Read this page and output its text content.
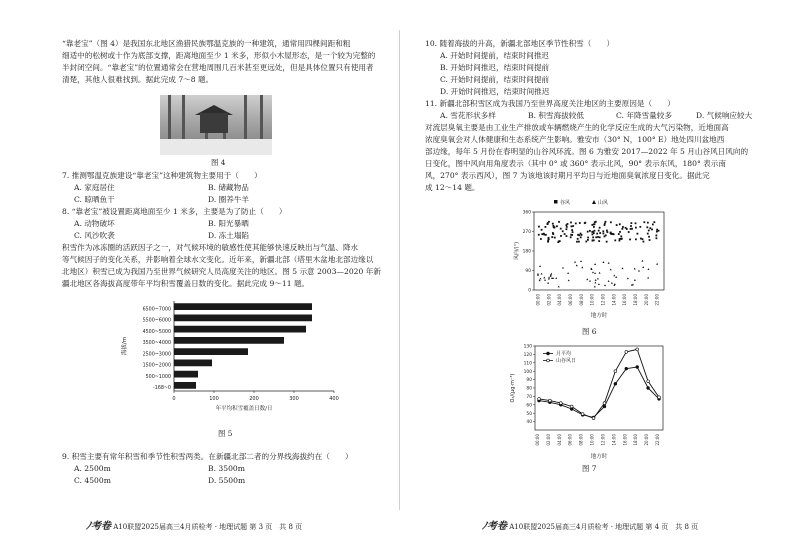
“靠老宝”（图 4）是我国东北地区渔猎民族鄂温克族的一种建筑，通常用四棵间距和粗
细适中的松树或十作为底部支撑，距离地面至少 1 米多，形似小木屋形态，是一个较为完整的
半封闭空间。“靠老宝”的位置通常会在营地周围几百米甚至更远处，但是具体位置只有使用者
清楚，其他人很难找到。据此完成 7～8 题。
图 4
7. 推测鄂温克族建设“靠老宝”这种建筑物主要用于（　　）
A. 家庭居住	B. 储藏物品
C. 晾晒鱼干	D. 圈养牛羊
8. “靠老宝”被设置距离地面至少 1 米多，主要是为了防止（　　）
A. 动物破坏	B. 阳光暴晒
C. 风沙吹袭	D. 冻土塌陷
积雪作为冰冻圈的活跃因子之一，对气候环境的敏感性使其能够快速反映出与气温、降水
等气候因子的变化关系，并影响着全球水文变化。近年来，新疆北部（塔里木盆地北部边缘以
北地区）积雪已成为我国乃至世界气候研究人员高度关注的地区。图 5 示意 2003—2020 年新
疆北地区各海拔高度带年平均积雪覆盖日数的变化。据此完成 9～11 题。
6500~7000
5500~6000
4500~5000
3500~4000
2500~3000
1500~2000
500~1000
-168~0
0	100	200	300	400
海拔/m
年平均积雪覆盖日数/日
图 5
9. 积雪主要有常年积雪和季节性积雪两类。在新疆北部二者的分界线海拔约在（　　）
A. 2500m	B. 3500m
C. 4500m	D. 5500m
ﾉ考卷 A10联盟2025届高三4月质检考 · 地理试题 第 3 页　共 8 页
10. 随着海拔的升高，新疆北部地区季节性积雪（　　）
A. 开始时间提前，结束时间推迟
B. 开始时间推迟，结束时间提前
C. 开始时间提前，结束时间提前
D. 开始时间推迟，结束时间推迟
11. 新疆北部积雪区成为我国乃至世界高度关注地区的主要原因是（　　）
A. 雪花形状多样	B. 积雪海拔较低	C. 年降雪量较多	D. 气候响应较大
对流层臭氧主要是由工业生产排放或车辆燃烧产生的化学反应生成的大气污染物，近地面高
浓度臭氧会对人体健康和生态系统产生影响。雅安市（30° N，100° E）地处四川盆地西
部边缘，每年 5 月份在春明显的山谷风环流。图 6 为雅安 2017—2022 年 5 月山谷风日风向的
日变化，图中风向用角度表示（其中 0° 或 360° 表示北风，90° 表示东风，180° 表示南
风，270° 表示西风），图 7 为该地该时期月平均日与近地面臭氧浓度日变化。据此完
成 12～14 题。
0
90
180
270
360
00:00 02:00 04:00 06:00 08:00 10:00 12:00 14:00 16:00 18:00 20:00 22:00
风向/(°)
地方时
谷风	山风
图 6
40
50
60
70
80
90
100
110
120
130
00:00 02:00 04:00 06:00 08:00 10:00 12:00 14:00 16:00 18:00 20:00 22:00
O₃/(μg·m⁻³)
地方时
月平均
山谷风日
图 7
ﾉ考卷 A10联盟2025届高三4月质检考 · 地理试题 第 4 页　共 8 页
